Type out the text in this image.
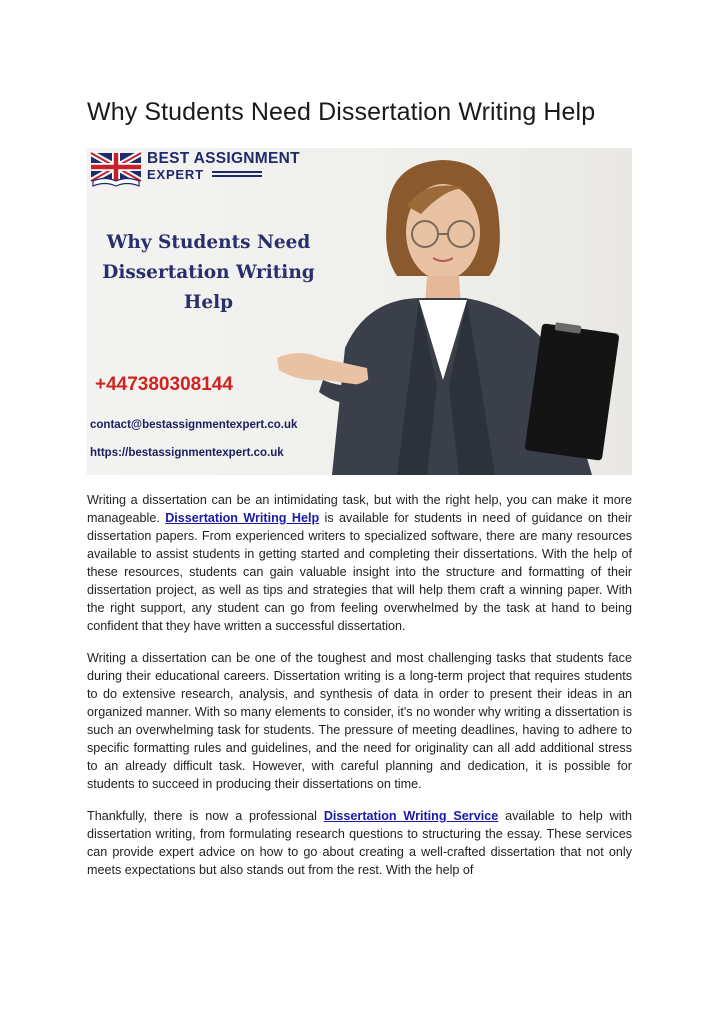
Why Students Need Dissertation Writing Help
BEST ASSIGNMENT
EXPERT
Why Students Need Dissertation Writing Help
+447380308144
contact@bestassignmentexpert.co.uk
https://bestassignmentexpert.co.uk

Writing a dissertation can be an intimidating task, but with the right help, you can make it more manageable. Dissertation Writing Help is available for students in need of guidance on their dissertation papers. From experienced writers to specialized software, there are many resources available to assist students in getting started and completing their dissertations. With the help of these resources, students can gain valuable insight into the structure and formatting of their dissertation project, as well as tips and strategies that will help them craft a winning paper. With the right support, any student can go from feeling overwhelmed by the task at hand to being confident that they have written a successful dissertation.

Writing a dissertation can be one of the toughest and most challenging tasks that students face during their educational careers. Dissertation writing is a long-term project that requires students to do extensive research, analysis, and synthesis of data in order to present their ideas in an organized manner. With so many elements to consider, it's no wonder why writing a dissertation is such an overwhelming task for students. The pressure of meeting deadlines, having to adhere to specific formatting rules and guidelines, and the need for originality can all add additional stress to an already difficult task. However, with careful planning and dedication, it is possible for students to succeed in producing their dissertations on time.

Thankfully, there is now a professional Dissertation Writing Service available to help with dissertation writing, from formulating research questions to structuring the essay. These services can provide expert advice on how to go about creating a well-crafted dissertation that not only meets expectations but also stands out from the rest. With the help of
